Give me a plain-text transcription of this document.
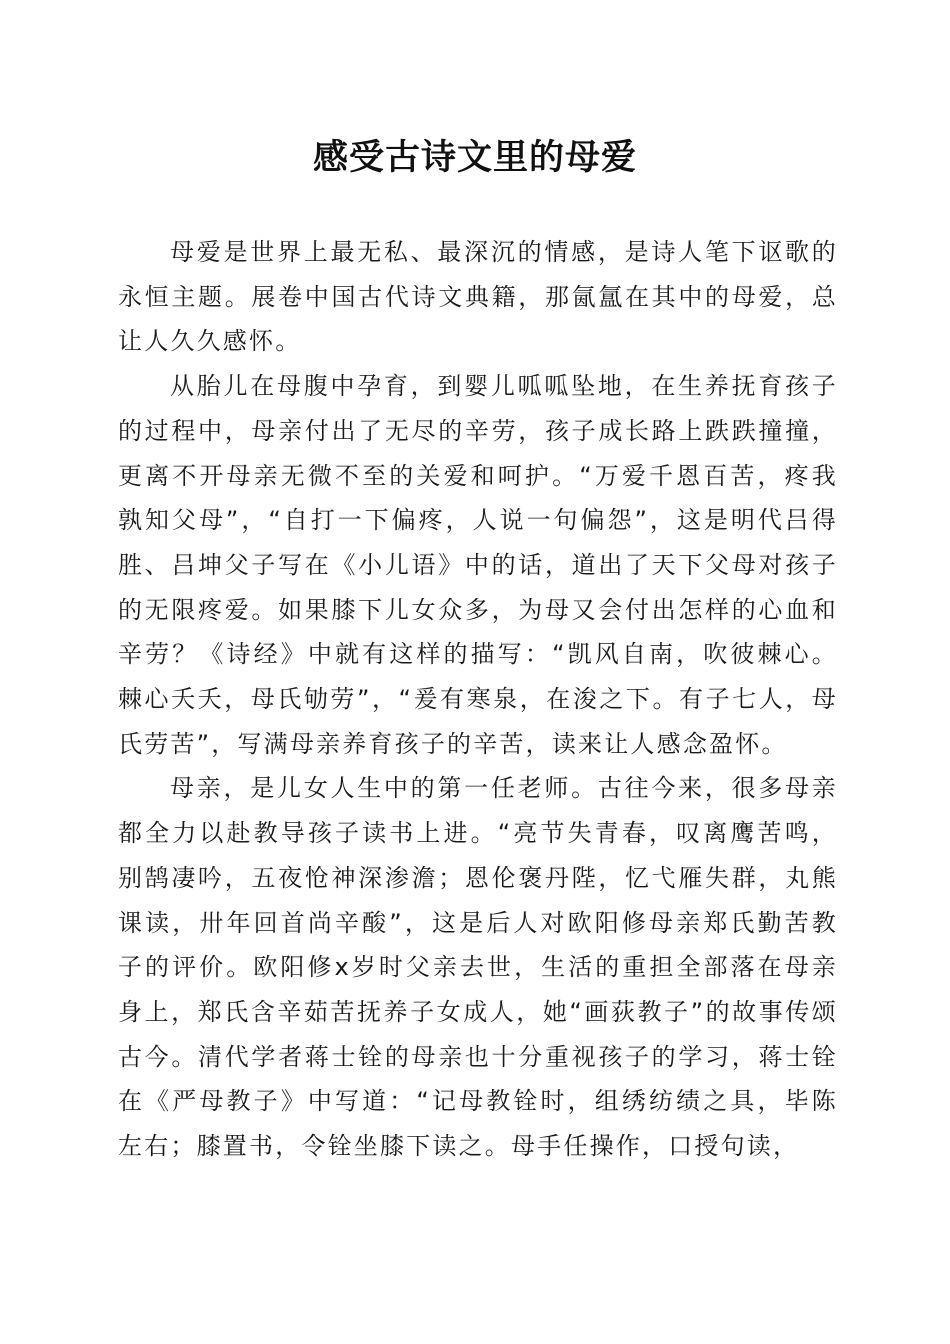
感受古诗文里的母爱

母爱是世界上最无私、最深沉的情感，是诗人笔下讴歌的永恒主题。展卷中国古代诗文典籍，那氤氲在其中的母爱，总让人久久感怀。

从胎儿在母腹中孕育，到婴儿呱呱坠地，在生养抚育孩子的过程中，母亲付出了无尽的辛劳，孩子成长路上跌跌撞撞，更离不开母亲无微不至的关爱和呵护。“万爱千恩百苦，疼我孰知父母”，“自打一下偏疼，人说一句偏怨”，这是明代吕得胜、吕坤父子写在《小儿语》中的话，道出了天下父母对孩子的无限疼爱。如果膝下儿女众多，为母又会付出怎样的心血和辛劳？《诗经》中就有这样的描写：“凯风自南，吹彼棘心。棘心夭夭，母氏劬劳”，“爰有寒泉，在浚之下。有子七人，母氏劳苦”，写满母亲养育孩子的辛苦，读来让人感念盈怀。

母亲，是儿女人生中的第一任老师。古往今来，很多母亲都全力以赴教导孩子读书上进。“亮节失青春，叹离鹰苦鸣，别鹄凄吟，五夜怆神深渗澹；恩伦褒丹陛，忆弋雁失群，丸熊课读，卅年回首尚辛酸”，这是后人对欧阳修母亲郑氏勤苦教子的评价。欧阳修x岁时父亲去世，生活的重担全部落在母亲身上，郑氏含辛茹苦抚养子女成人，她“画荻教子”的故事传颂古今。清代学者蒋士铨的母亲也十分重视孩子的学习，蒋士铨在《严母教子》中写道：“记母教铨时，组绣纺绩之具，毕陈左右；膝置书，令铨坐膝下读之。母手任操作，口授句读，
